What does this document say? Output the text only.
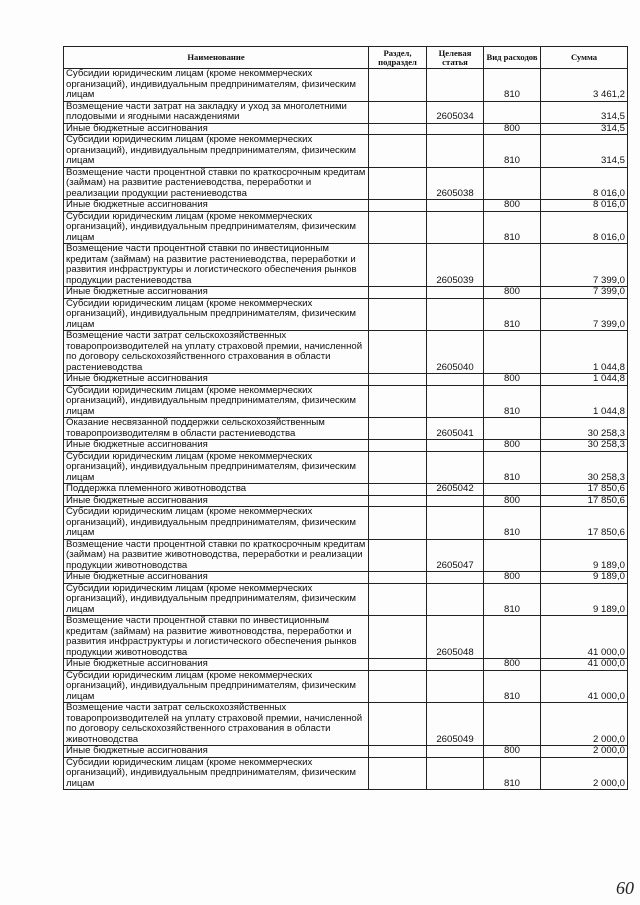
Наименование	Раздел, подраздел	Целевая статья	Вид расходов	Сумма
Субсидии юридическим лицам (кроме некоммерческих организаций), индивидуальным предпринимателям, физическим лицам			810	3 461,2
Возмещение части затрат на закладку и уход за многолетними плодовыми и ягодными насаждениями		2605034		314,5
Иные бюджетные ассигнования			800	314,5
Субсидии юридическим лицам (кроме некоммерческих организаций), индивидуальным предпринимателям, физическим лицам			810	314,5
Возмещение части процентной ставки по краткосрочным кредитам (займам) на развитие растениеводства, переработки и реализации продукции растениеводства		2605038		8 016,0
Иные бюджетные ассигнования			800	8 016,0
Субсидии юридическим лицам (кроме некоммерческих организаций), индивидуальным предпринимателям, физическим лицам			810	8 016,0
Возмещение части процентной ставки по инвестиционным кредитам (займам) на развитие растениеводства, переработки и развития инфраструктуры и логистического обеспечения рынков продукции растениеводства		2605039		7 399,0
Иные бюджетные ассигнования			800	7 399,0
Субсидии юридическим лицам (кроме некоммерческих организаций), индивидуальным предпринимателям, физическим лицам			810	7 399,0
Возмещение части затрат сельскохозяйственных товаропроизводителей на уплату страховой премии, начисленной по договору сельскохозяйственного страхования в области растениеводства		2605040		1 044,8
Иные бюджетные ассигнования			800	1 044,8
Субсидии юридическим лицам (кроме некоммерческих организаций), индивидуальным предпринимателям, физическим лицам			810	1 044,8
Оказание несвязанной поддержки сельскохозяйственным товаропроизводителям в области растениеводства		2605041		30 258,3
Иные бюджетные ассигнования			800	30 258,3
Субсидии юридическим лицам (кроме некоммерческих организаций), индивидуальным предпринимателям, физическим лицам			810	30 258,3
Поддержка племенного животноводства		2605042		17 850,6
Иные бюджетные ассигнования			800	17 850,6
Субсидии юридическим лицам (кроме некоммерческих организаций), индивидуальным предпринимателям, физическим лицам			810	17 850,6
Возмещение части процентной ставки по краткосрочным кредитам (займам) на развитие животноводства, переработки и реализации продукции животноводства		2605047		9 189,0
Иные бюджетные ассигнования			800	9 189,0
Субсидии юридическим лицам (кроме некоммерческих организаций), индивидуальным предпринимателям, физическим лицам			810	9 189,0
Возмещение части процентной ставки по инвестиционным кредитам (займам) на развитие животноводства, переработки и развития инфраструктуры и логистического обеспечения рынков продукции животноводства		2605048		41 000,0
Иные бюджетные ассигнования			800	41 000,0
Субсидии юридическим лицам (кроме некоммерческих организаций), индивидуальным предпринимателям, физическим лицам			810	41 000,0
Возмещение части затрат сельскохозяйственных товаропроизводителей на уплату страховой премии, начисленной по договору сельскохозяйственного страхования в области животноводства		2605049		2 000,0
Иные бюджетные ассигнования			800	2 000,0
Субсидии юридическим лицам (кроме некоммерческих организаций), индивидуальным предпринимателям, физическим лицам			810	2 000,0
60
